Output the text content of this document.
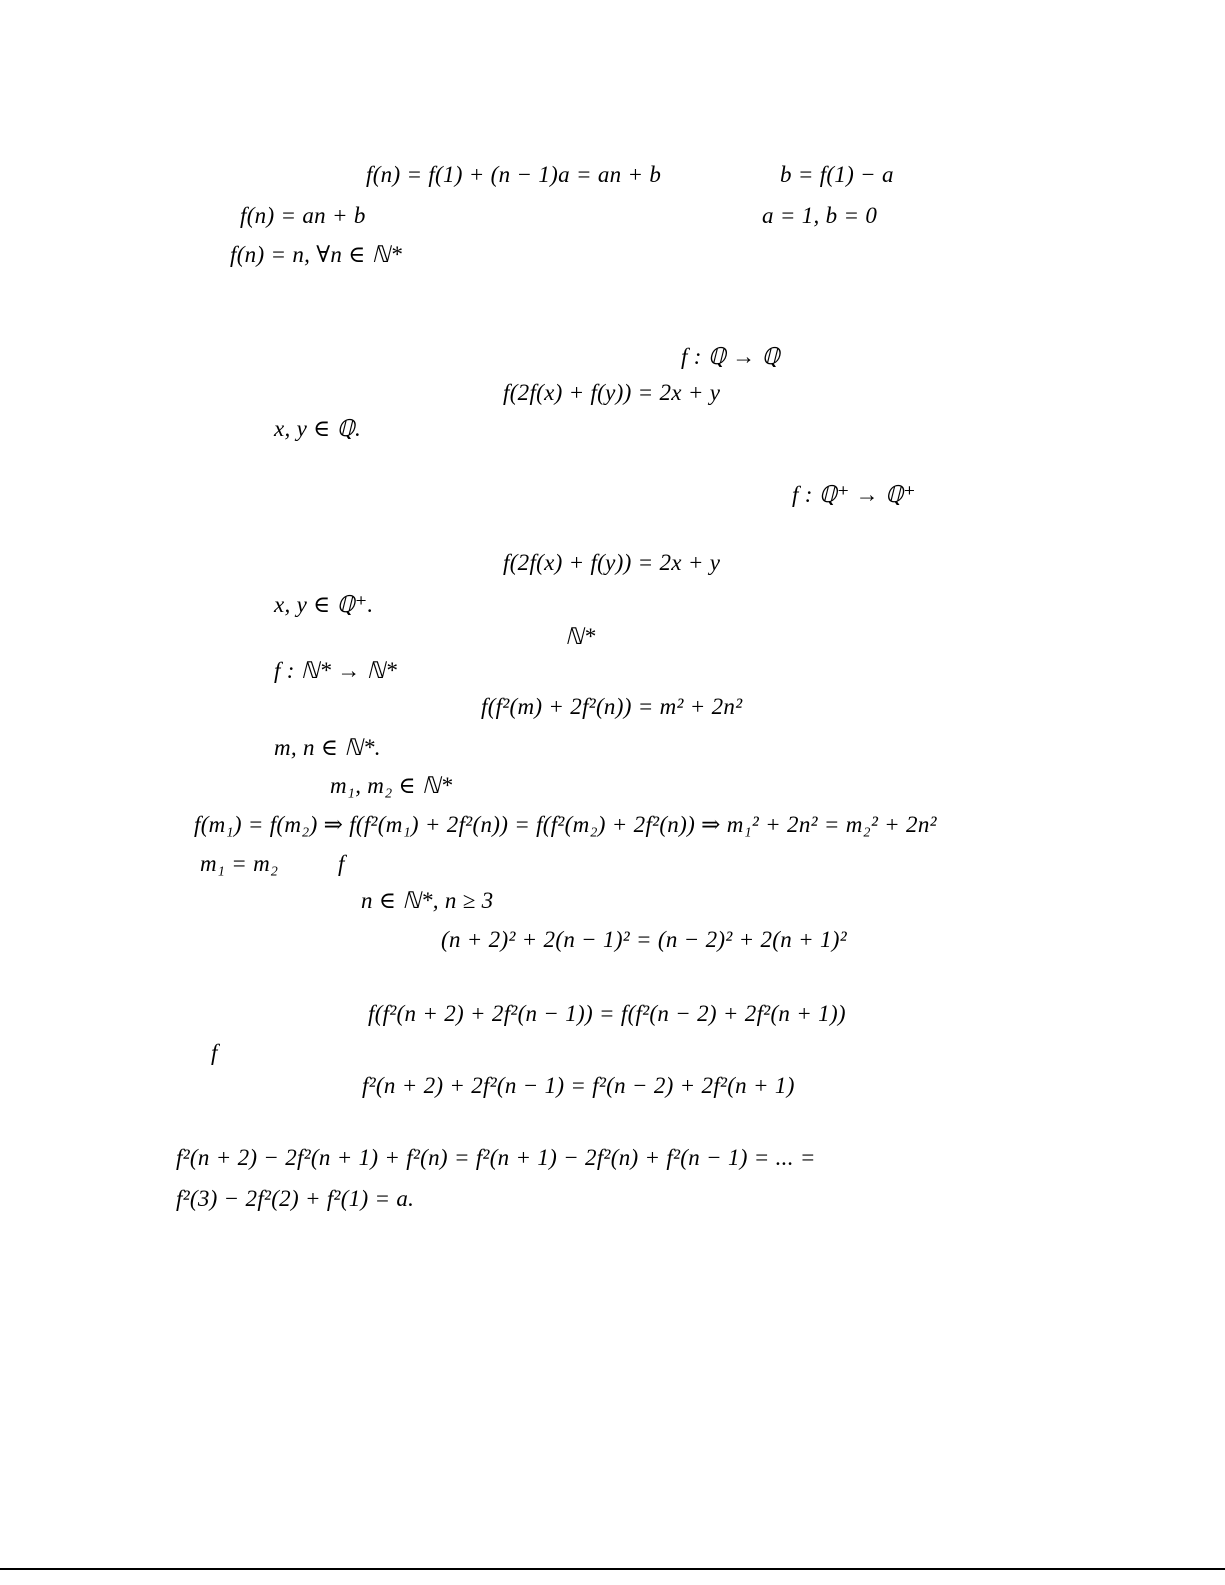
f(n) = f(1) + (n − 1)a = an + b	b = f(1) − a
f(n) = an + b	a = 1, b = 0
f(n) = n, ∀n ∈ ℕ*
f : ℚ → ℚ
f(2f(x) + f(y)) = 2x + y
x, y ∈ ℚ.
f : ℚ⁺ → ℚ⁺
f(2f(x) + f(y)) = 2x + y
x, y ∈ ℚ⁺.
ℕ*
f : ℕ* → ℕ*
f(f²(m) + 2f²(n)) = m² + 2n²
m, n ∈ ℕ*.
m₁, m₂ ∈ ℕ*
f(m₁) = f(m₂) ⇒ f(f²(m₁) + 2f²(n)) = f(f²(m₂) + 2f²(n)) ⇒ m₁² + 2n² = m₂² + 2n²
m₁ = m₂	f
n ∈ ℕ*, n ≥ 3
(n + 2)² + 2(n − 1)² = (n − 2)² + 2(n + 1)²
f(f²(n + 2) + 2f²(n − 1)) = f(f²(n − 2) + 2f²(n + 1))
f
f²(n + 2) + 2f²(n − 1) = f²(n − 2) + 2f²(n + 1)
f²(n + 2) − 2f²(n + 1) + f²(n) = f²(n + 1) − 2f²(n) + f²(n − 1) = ... =
f²(3) − 2f²(2) + f²(1) = a.
